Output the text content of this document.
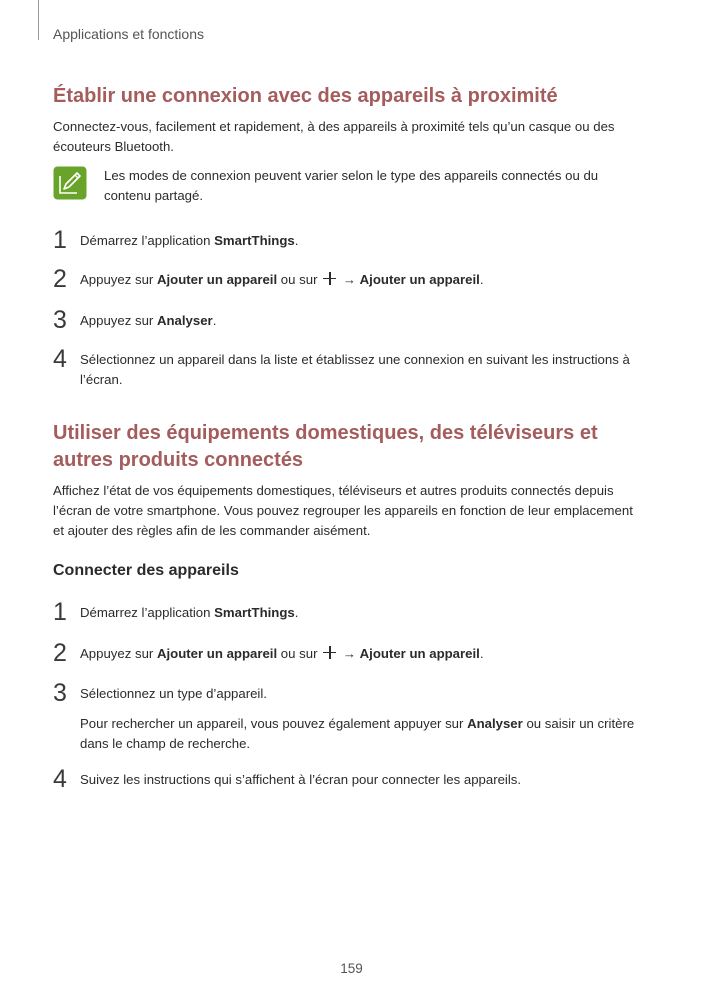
Applications et fonctions
Établir une connexion avec des appareils à proximité

Connectez-vous, facilement et rapidement, à des appareils à proximité tels qu’un casque ou des écouteurs Bluetooth.

Les modes de connexion peuvent varier selon le type des appareils connectés ou du contenu partagé.
1 Démarrez l’application SmartThings.
2 Appuyez sur Ajouter un appareil ou sur  → Ajouter un appareil.
3 Appuyez sur Analyser.
4 Sélectionnez un appareil dans la liste et établissez une connexion en suivant les instructions à l’écran.
Utiliser des équipements domestiques, des téléviseurs et autres produits connectés

Affichez l’état de vos équipements domestiques, téléviseurs et autres produits connectés depuis l’écran de votre smartphone. Vous pouvez regrouper les appareils en fonction de leur emplacement et ajouter des règles afin de les commander aisément.

Connecter des appareils
1 Démarrez l’application SmartThings.
2 Appuyez sur Ajouter un appareil ou sur  → Ajouter un appareil.
3 Sélectionnez un type d’appareil.
Pour rechercher un appareil, vous pouvez également appuyer sur Analyser ou saisir un critère dans le champ de recherche.
4 Suivez les instructions qui s’affichent à l’écran pour connecter les appareils.
159
